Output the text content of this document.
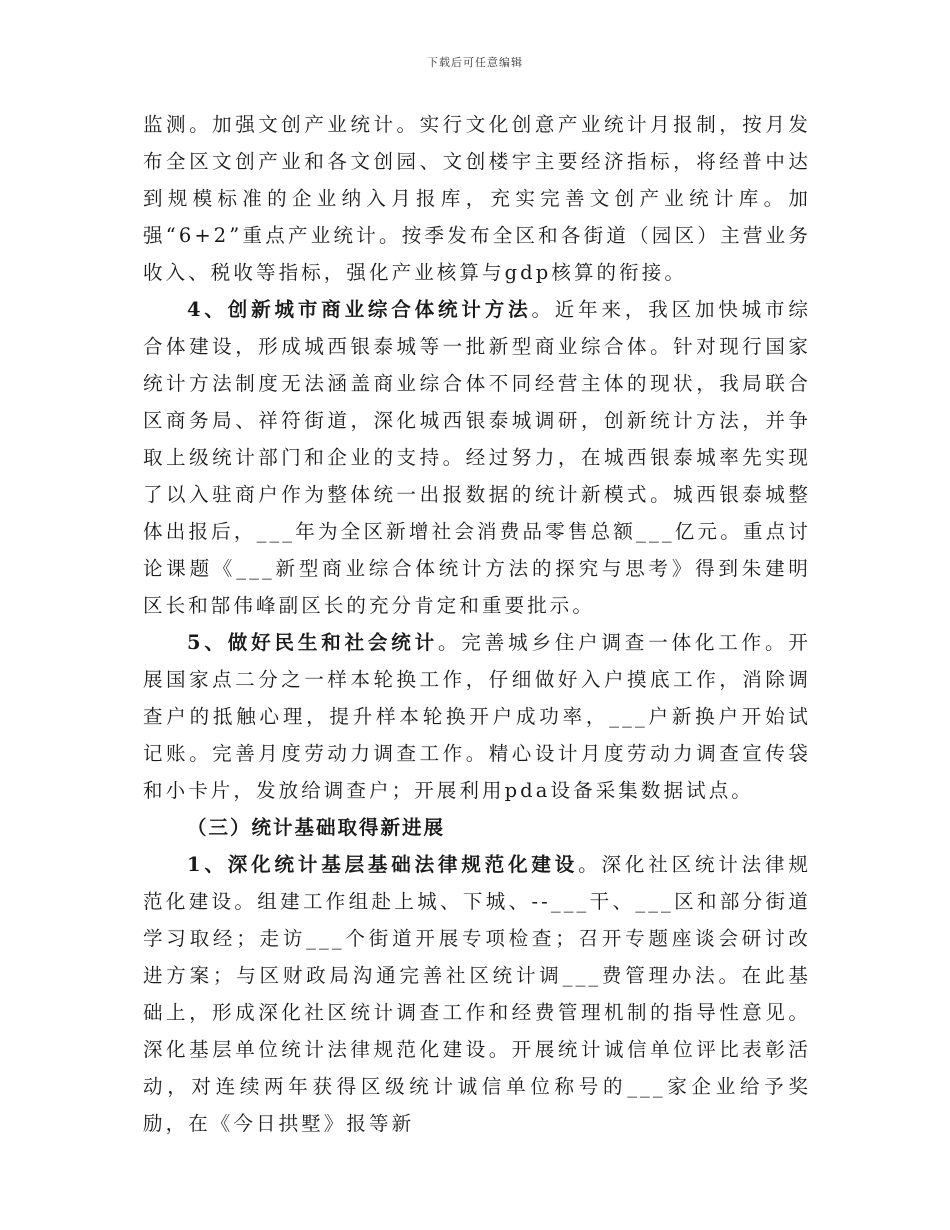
下载后可任意编辑

监测。加强文创产业统计。实行文化创意产业统计月报制，按月发布全区文创产业和各文创园、文创楼宇主要经济指标，将经普中达到规模标准的企业纳入月报库，充实完善文创产业统计库。加强“6+2”重点产业统计。按季发布全区和各街道（园区）主营业务收入、税收等指标，强化产业核算与gdp核算的衔接。

4、创新城市商业综合体统计方法。近年来，我区加快城市综合体建设，形成城西银泰城等一批新型商业综合体。针对现行国家统计方法制度无法涵盖商业综合体不同经营主体的现状，我局联合区商务局、祥符街道，深化城西银泰城调研，创新统计方法，并争取上级统计部门和企业的支持。经过努力，在城西银泰城率先实现了以入驻商户作为整体统一出报数据的统计新模式。城西银泰城整体出报后，___年为全区新增社会消费品零售总额___亿元。重点讨论课题《___新型商业综合体统计方法的探究与思考》得到朱建明区长和郜伟峰副区长的充分肯定和重要批示。

5、做好民生和社会统计。完善城乡住户调查一体化工作。开展国家点二分之一样本轮换工作，仔细做好入户摸底工作，消除调查户的抵触心理，提升样本轮换开户成功率，___户新换户开始试记账。完善月度劳动力调查工作。精心设计月度劳动力调查宣传袋和小卡片，发放给调查户；开展利用pda设备采集数据试点。

（三）统计基础取得新进展

1、深化统计基层基础法律规范化建设。深化社区统计法律规范化建设。组建工作组赴上城、下城、--___干、___区和部分街道学习取经；走访___个街道开展专项检查；召开专题座谈会研讨改进方案；与区财政局沟通完善社区统计调___费管理办法。在此基础上，形成深化社区统计调查工作和经费管理机制的指导性意见。深化基层单位统计法律规范化建设。开展统计诚信单位评比表彰活动，对连续两年获得区级统计诚信单位称号的___家企业给予奖励，在《今日拱墅》报等新
